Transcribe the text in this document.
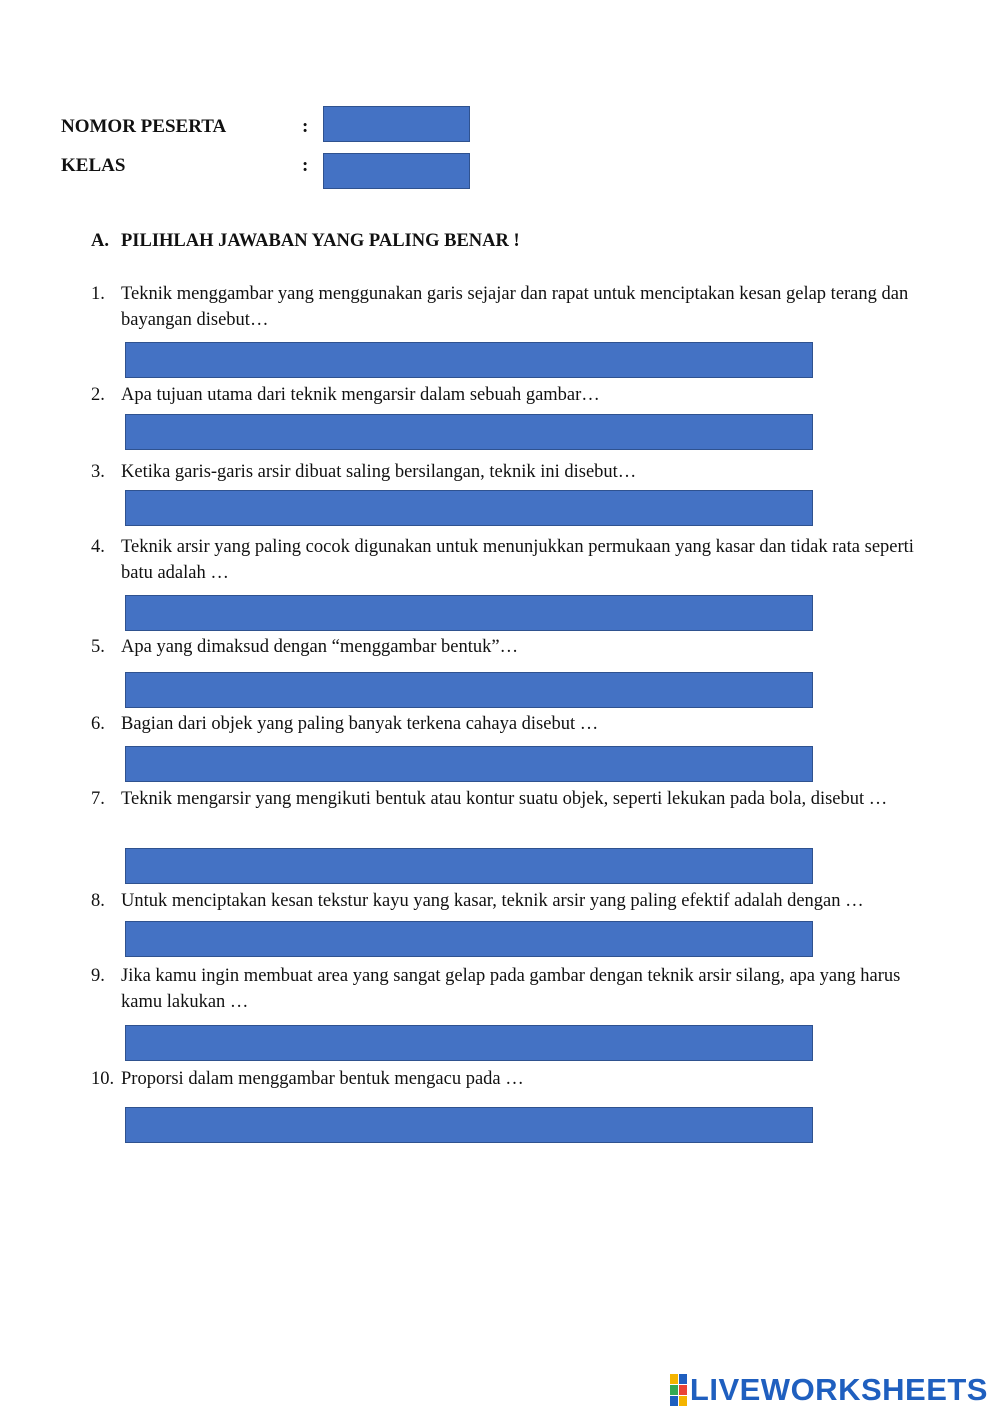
NOMOR PESERTA	:
KELAS	:
A. PILIHLAH JAWABAN YANG PALING BENAR !
1. Teknik menggambar yang menggunakan garis sejajar dan rapat untuk menciptakan kesan gelap terang dan bayangan disebut…
2. Apa tujuan utama dari teknik mengarsir dalam sebuah gambar…
3. Ketika garis-garis arsir dibuat saling bersilangan, teknik ini disebut…
4. Teknik arsir yang paling cocok digunakan untuk menunjukkan permukaan yang kasar dan tidak rata seperti batu adalah …
5. Apa yang dimaksud dengan “menggambar bentuk”…
6. Bagian dari objek yang paling banyak terkena cahaya disebut …
7. Teknik mengarsir yang mengikuti bentuk atau kontur suatu objek, seperti lekukan pada bola, disebut …
8. Untuk menciptakan kesan tekstur kayu yang kasar, teknik arsir yang paling efektif adalah dengan …
9. Jika kamu ingin membuat area yang sangat gelap pada gambar dengan teknik arsir silang, apa yang harus kamu lakukan …
10. Proporsi dalam menggambar bentuk mengacu pada …
LIVEWORKSHEETS
